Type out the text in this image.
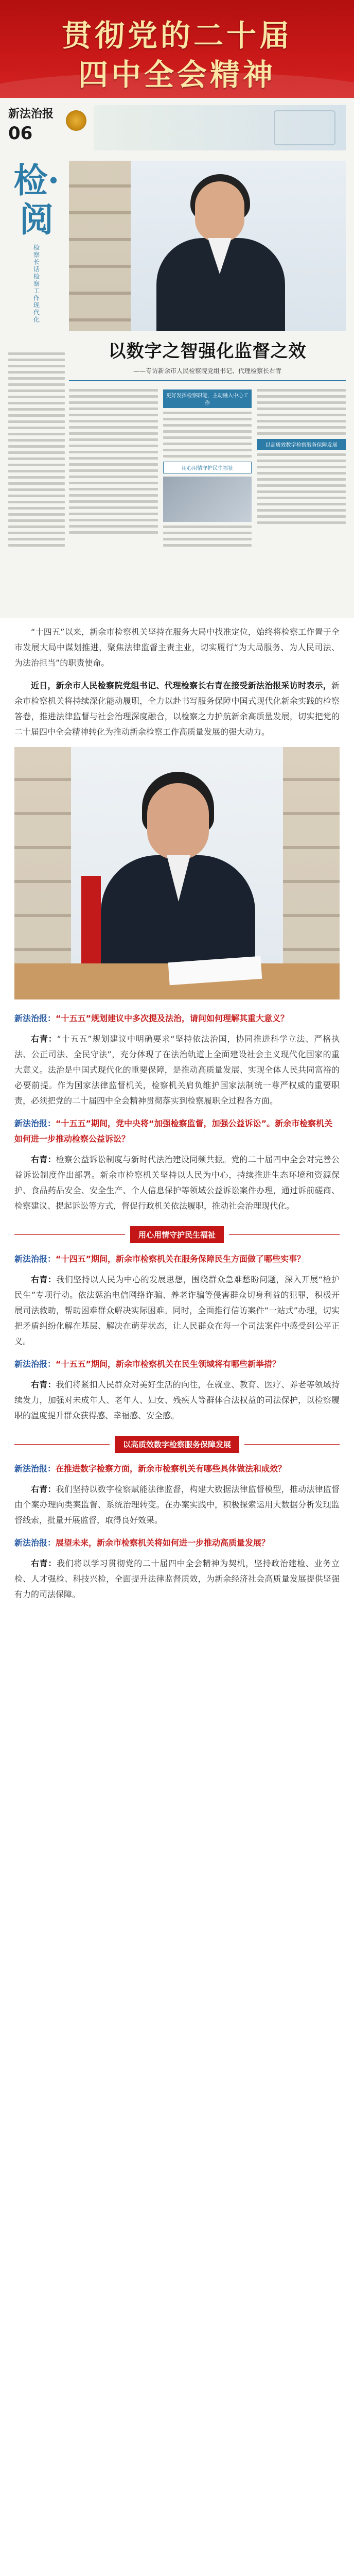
贯彻党的二十届
四中全会精神
新法治报
06
检·阅
检察长话检察工作现代化
以数字之智强化监督之效
——专访新余市人民检察院党组书记、代理检察长右青
更好发挥检察职能，主动融入中心工作
用心用情守护民生福祉
以高质效数字检察服务保障发展

“十四五”以来，新余市检察机关坚持在服务大局中找准定位，始终将检察工作置于全市发展大局中谋划推进，聚焦法律监督主责主业，切实履行“为大局服务、为人民司法、为法治担当”的职责使命。

近日，新余市人民检察院党组书记、代理检察长右青在接受新法治报采访时表示，新余市检察机关将持续深化能动履职，全力以赴书写服务保障中国式现代化新余实践的检察答卷，推进法律监督与社会治理深度融合，以检察之力护航新余高质量发展，切实把党的二十届四中全会精神转化为推动新余检察工作高质量发展的强大动力。

新法治报：“十五五”规划建议中多次提及法治，请问如何理解其重大意义？

右青：“十五五”规划建议中明确要求“坚持依法治国，协同推进科学立法、严格执法、公正司法、全民守法”，充分体现了在法治轨道上全面建设社会主义现代化国家的重大意义。法治是中国式现代化的重要保障，是推动高质量发展、实现全体人民共同富裕的必要前提。作为国家法律监督机关，检察机关肩负维护国家法制统一尊严权威的重要职责，必须把党的二十届四中全会精神贯彻落实到检察履职全过程各方面。

新法治报：“十五五”期间，党中央将“加强检察监督，加强公益诉讼”。新余市检察机关如何进一步推动检察公益诉讼？

右青：检察公益诉讼制度与新时代法治建设同频共振。党的二十届四中全会对完善公益诉讼制度作出部署。新余市检察机关坚持以人民为中心，持续推进生态环境和资源保护、食品药品安全、安全生产、个人信息保护等领域公益诉讼案件办理，通过诉前磋商、检察建议、提起诉讼等方式，督促行政机关依法履职，推动社会治理现代化。

用心用情守护民生福祉

新法治报：“十四五”期间，新余市检察机关在服务保障民生方面做了哪些实事？

右青：我们坚持以人民为中心的发展思想，围绕群众急难愁盼问题，深入开展“检护民生”专项行动。依法惩治电信网络诈骗、养老诈骗等侵害群众切身利益的犯罪，积极开展司法救助，帮助困难群众解决实际困难。同时，全面推行信访案件“一站式”办理，切实把矛盾纠纷化解在基层、解决在萌芽状态，让人民群众在每一个司法案件中感受到公平正义。

新法治报：“十五五”期间，新余市检察机关在民生领域将有哪些新举措？

右青：我们将紧扣人民群众对美好生活的向往，在就业、教育、医疗、养老等领域持续发力，加强对未成年人、老年人、妇女、残疾人等群体合法权益的司法保护，以检察履职的温度提升群众获得感、幸福感、安全感。

以高质效数字检察服务保障发展

新法治报：在推进数字检察方面，新余市检察机关有哪些具体做法和成效？

右青：我们坚持以数字检察赋能法律监督，构建大数据法律监督模型，推动法律监督由个案办理向类案监督、系统治理转变。在办案实践中，积极探索运用大数据分析发现监督线索，批量开展监督，取得良好效果。

新法治报：展望未来，新余市检察机关将如何进一步推动高质量发展？

右青：我们将以学习贯彻党的二十届四中全会精神为契机，坚持政治建检、业务立检、人才强检、科技兴检，全面提升法律监督质效，为新余经济社会高质量发展提供坚强有力的司法保障。
